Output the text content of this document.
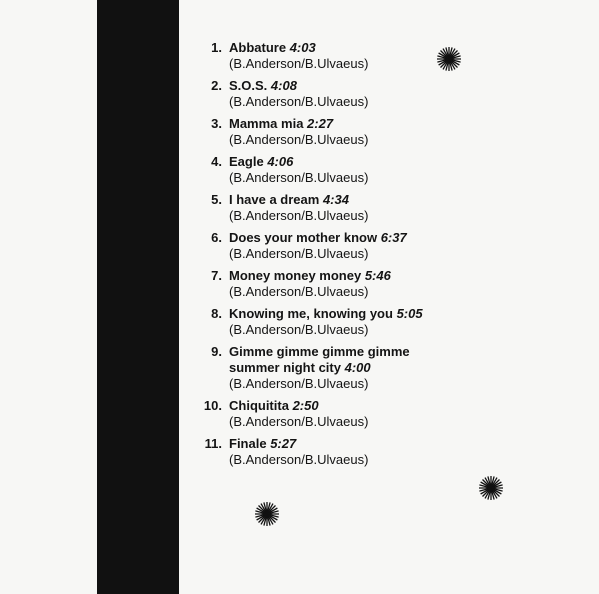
1. Abbature 4:03
(B.Anderson/B.Ulvaeus)
2. S.O.S. 4:08
(B.Anderson/B.Ulvaeus)
3. Mamma mia 2:27
(B.Anderson/B.Ulvaeus)
4. Eagle 4:06
(B.Anderson/B.Ulvaeus)
5. I have a dream 4:34
(B.Anderson/B.Ulvaeus)
6. Does your mother know 6:37
(B.Anderson/B.Ulvaeus)
7. Money money money 5:46
(B.Anderson/B.Ulvaeus)
8. Knowing me, knowing you 5:05
(B.Anderson/B.Ulvaeus)
9. Gimme gimme gimme gimme
summer night city 4:00
(B.Anderson/B.Ulvaeus)
10. Chiquitita 2:50
(B.Anderson/B.Ulvaeus)
11. Finale 5:27
(B.Anderson/B.Ulvaeus)
